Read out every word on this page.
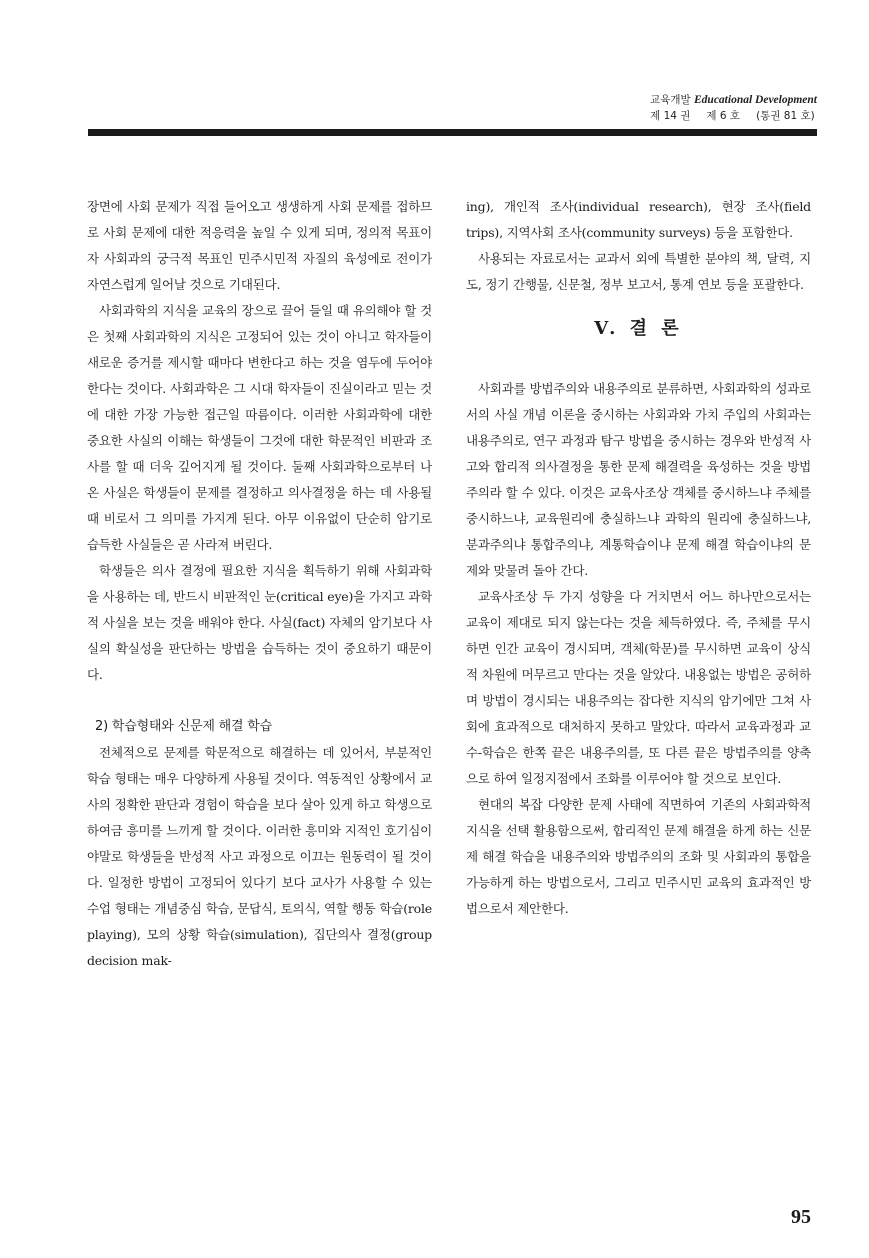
교육개발 Educational Development
제 14 권 제 6 호 (통권 81 호)

장면에 사회 문제가 직접 들어오고 생생하게 사회 문제를 접하므로 사회 문제에 대한 적응력을 높일 수 있게 되며, 정의적 목표이자 사회과의 궁극적 목표인 민주시민적 자질의 육성에로 전이가 자연스럽게 일어날 것으로 기대된다.

사회과학의 지식을 교육의 장으로 끌어 들일 때 유의해야 할 것은 첫째 사회과학의 지식은 고정되어 있는 것이 아니고 학자들이 새로운 증거를 제시할 때마다 변한다고 하는 것을 염두에 두어야 한다는 것이다. 사회과학은 그 시대 학자들이 진실이라고 믿는 것에 대한 가장 가능한 접근일 따름이다. 이러한 사회과학에 대한 중요한 사실의 이해는 학생들이 그것에 대한 학문적인 비판과 조사를 할 때 더욱 깊어지게 될 것이다. 둘째 사회과학으로부터 나온 사실은 학생들이 문제를 결정하고 의사결정을 하는 데 사용될 때 비로서 그 의미를 가지게 된다. 아무 이유없이 단순히 암기로 습득한 사실들은 곧 사라져 버린다.

학생들은 의사 결정에 필요한 지식을 획득하기 위해 사회과학을 사용하는 데, 반드시 비판적인 눈(critical eye)을 가지고 과학적 사실을 보는 것을 배워야 한다. 사실(fact) 자체의 암기보다 사실의 확실성을 판단하는 방법을 습득하는 것이 중요하기 때문이다.

2) 학습형태와 신문제 해결 학습

전체적으로 문제를 학문적으로 해결하는 데 있어서, 부분적인 학습 형태는 매우 다양하게 사용될 것이다. 역동적인 상황에서 교사의 정확한 판단과 경험이 학습을 보다 살아 있게 하고 학생으로 하여금 흥미를 느끼게 할 것이다. 이러한 흥미와 지적인 호기심이야말로 학생들을 반성적 사고 과정으로 이끄는 원동력이 될 것이다. 일정한 방법이 고정되어 있다기 보다 교사가 사용할 수 있는 수업 형태는 개념중심 학습, 문답식, 토의식, 역할 행동 학습(role playing), 모의 상황 학습(simulation), 집단의사 결정(group decision mak-

ing), 개인적 조사(individual research), 현장 조사(field trips), 지역사회 조사(community surveys) 등을 포함한다.

사용되는 자료로서는 교과서 외에 특별한 분야의 책, 달력, 지도, 정기 간행물, 신문철, 정부 보고서, 통계 연보 등을 포괄한다.

V. 결 론

사회과를 방법주의와 내용주의로 분류하면, 사회과학의 성과로서의 사실 개념 이론을 중시하는 사회과와 가치 주입의 사회과는 내용주의로, 연구 과정과 탐구 방법을 중시하는 경우와 반성적 사고와 합리적 의사결정을 통한 문제 해결력을 육성하는 것을 방법주의라 할 수 있다. 이것은 교육사조상 객체를 중시하느냐 주체를 중시하느냐, 교육원리에 충실하느냐 과학의 원리에 충실하느냐, 분과주의냐 통합주의냐, 계통학습이냐 문제 해결 학습이냐의 문제와 맞물려 돌아 간다.

교육사조상 두 가지 성향을 다 거치면서 어느 하나만으로서는 교육이 제대로 되지 않는다는 것을 체득하였다. 즉, 주체를 무시하면 인간 교육이 경시되며, 객체(학문)를 무시하면 교육이 상식적 차원에 머무르고 만다는 것을 알았다. 내용없는 방법은 공허하며 방법이 경시되는 내용주의는 잡다한 지식의 암기에만 그쳐 사회에 효과적으로 대처하지 못하고 말았다. 따라서 교육과정과 교수-학습은 한쪽 끝은 내용주의를, 또 다른 끝은 방법주의를 양축으로 하여 일정지점에서 조화를 이루어야 할 것으로 보인다.

현대의 복잡 다양한 문제 사태에 직면하여 기존의 사회과학적 지식을 선택 활용함으로써, 합리적인 문제 해결을 하게 하는 신문제 해결 학습을 내용주의와 방법주의의 조화 및 사회과의 통합을 가능하게 하는 방법으로서, 그리고 민주시민 교육의 효과적인 방법으로서 제안한다.

95
